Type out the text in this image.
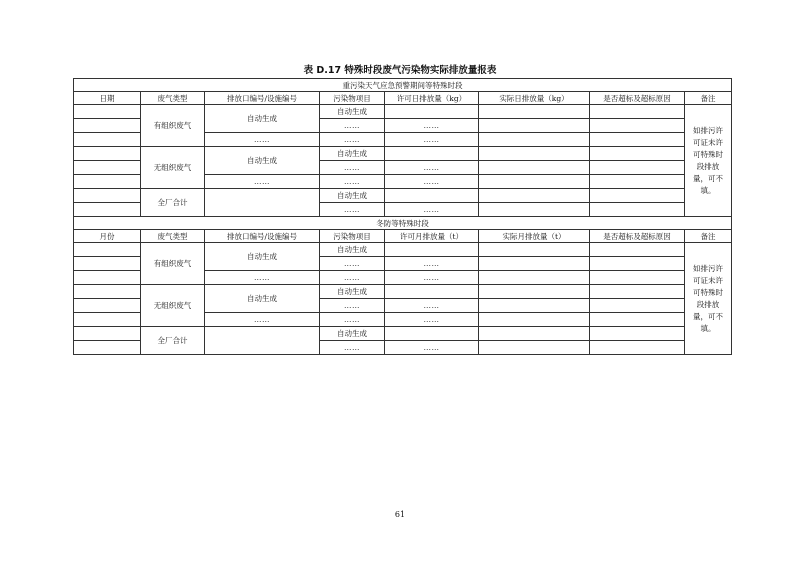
表 D.17 特殊时段废气污染物实际排放量报表
重污染天气应急预警期间等特殊时段							
日期	废气类型	排放口编号/设施编号	污染物项目	许可日排放量（kg）	实际日排放量（kg）	是否超标及超标原因	备注
	有组织废气	自动生成	自动生成				如排污许可证未许可特殊时段排放量，可不填。
			……	……			
		……	……	……			
	无组织废气	自动生成	自动生成				
			……	……			
		……	……	……			
	全厂合计		自动生成				
			……	……			
冬防等特殊时段							
月份	废气类型	排放口编号/设施编号	污染物项目	许可月排放量（t）	实际月排放量（t）	是否超标及超标原因	备注
	有组织废气	自动生成	自动生成				如排污许可证未许可特殊时段排放量，可不填。
			……	……			
		……	……	……			
	无组织废气	自动生成	自动生成				
			……	……			
		……	……	……			
	全厂合计		自动生成				
			……	……			
61
